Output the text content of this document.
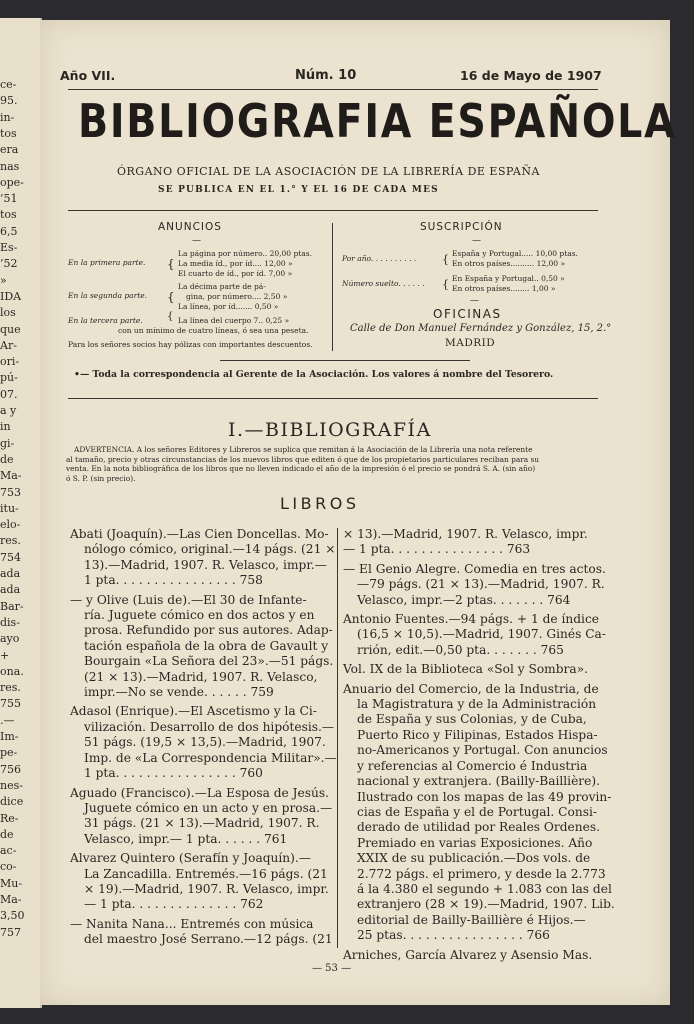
ce-
95.
in-
tos
era
nas
ope-
’51
tos
6,5
Es-
’52
»
IDA
los
que
Ar-
ori-
pú-
07.
a y
in
gi-
de
Ma-
753
itu-
elo-
res.
754
ada
ada
Bar-
dis-
ayo
+
ona.
res.
755
.—
Im-
pe-
756
nes-
dice
Re-
de
ac-
co-
Mu-
Ma-
3,50
757
Año VII.	Núm. 10	16 de Mayo de 1907
BIBLIOGRAFIA ESPAÑOLA
ÓRGANO OFICIAL DE LA ASOCIACIÓN DE LA LIBRERÍA DE ESPAÑA
SE PUBLICA EN EL 1.° Y EL 16 DE CADA MES
ANUNCIOS
—
En la primera parte. {
La página por número.. 20,00 ptas.
La media íd., por íd.... 12,00 »
El cuarto de íd., por íd. 7,00 »
En la segunda parte. {
La décima parte de pá-
gina, por número.... 2,50 »
La línea, por íd....... 0,50 »
En la tercera parte. { La línea del cuerpo 7.. 0,25 »
con un mínimo de cuatro líneas, ó sea una peseta.
Para los señores socios hay pólizas con importantes descuentos.
SUSCRIPCIÓN
—
Por año. . . . . . . . . . { España y Portugal..... 10,00 ptas.
En otros países.......... 12,00 »
Número suelto. . . . . . { En España y Portugal.. 0,50 »
En otros países........ 1,00 »
—
OFICINAS
Calle de Don Manuel Fernández y González, 15, 2.°
MADRID
•— Toda la correspondencia al Gerente de la Asociación. Los valores á nombre del Tesorero.
I.—BIBLIOGRAFÍA
ADVERTENCIA. A los señores Editores y Libreros se suplica que remitan á la Asociación de la Librería una nota referente
al tamaño, precio y otras circunstancias de los nuevos libros que editen ó que de los propietarios particulares reciban para su
venta. En la nota bibliográfica de los libros que no lleven indicado el año de la impresión ó el precio se pondrá S. A. (sin año)
ó S. P. (sin precio).
LIBROS
Abati (Joaquín).—Las Cien Doncellas. Mo-
nólogo cómico, original.—14 págs. (21 ×
13).—Madrid, 1907. R. Velasco, impr.—
1 pta. . . . . . . . . . . . . . . . 758
— y Olive (Luis de).—El 30 de Infante-
ría. Juguete cómico en dos actos y en
prosa. Refundido por sus autores. Adap-
tación española de la obra de Gavault y
Bourgain «La Señora del 23».—51 págs.
(21 × 13).—Madrid, 1907. R. Velasco,
impr.—No se vende. . . . . . 759
Adasol (Enrique).—El Ascetismo y la Ci-
vilización. Desarrollo de dos hipótesis.—
51 págs. (19,5 × 13,5).—Madrid, 1907.
Imp. de «La Correspondencia Militar».—
1 pta. . . . . . . . . . . . . . . . 760
Aguado (Francisco).—La Esposa de Jesús.
Juguete cómico en un acto y en prosa.—
31 págs. (21 × 13).—Madrid, 1907. R.
Velasco, impr.— 1 pta. . . . . . 761
Alvarez Quintero (Serafín y Joaquín).—
La Zancadilla. Entremés.—16 págs. (21
× 19).—Madrid, 1907. R. Velasco, impr.
— 1 pta. . . . . . . . . . . . . . 762
— Nanita Nana... Entremés con música
del maestro José Serrano.—12 págs. (21
× 13).—Madrid, 1907. R. Velasco, impr.
— 1 pta. . . . . . . . . . . . . . . 763
— El Genio Alegre. Comedia en tres actos.
—79 págs. (21 × 13).—Madrid, 1907. R.
Velasco, impr.—2 ptas. . . . . . . 764
Antonio Fuentes.—94 págs. + 1 de índice
(16,5 × 10,5).—Madrid, 1907. Ginés Ca-
rrión, edit.—0,50 pta. . . . . . . 765
Vol. IX de la Biblioteca «Sol y Sombra».
Anuario del Comercio, de la Industria, de
la Magistratura y de la Administración
de España y sus Colonias, y de Cuba,
Puerto Rico y Filipinas, Estados Hispa-
no-Americanos y Portugal. Con anuncios
y referencias al Comercio é Industria
nacional y extranjera. (Bailly-Baillière).
Ilustrado con los mapas de las 49 provin-
cias de España y el de Portugal. Consi-
derado de utilidad por Reales Ordenes.
Premiado en varias Exposiciones. Año
XXIX de su publicación.—Dos vols. de
2.772 págs. el primero, y desde la 2.773
á la 4.380 el segundo + 1.083 con las del
extranjero (28 × 19).—Madrid, 1907. Lib.
editorial de Bailly-Baillière é Hijos.—
25 ptas. . . . . . . . . . . . . . . . 766
Arniches, García Alvarez y Asensio Mas.
— 53 —
